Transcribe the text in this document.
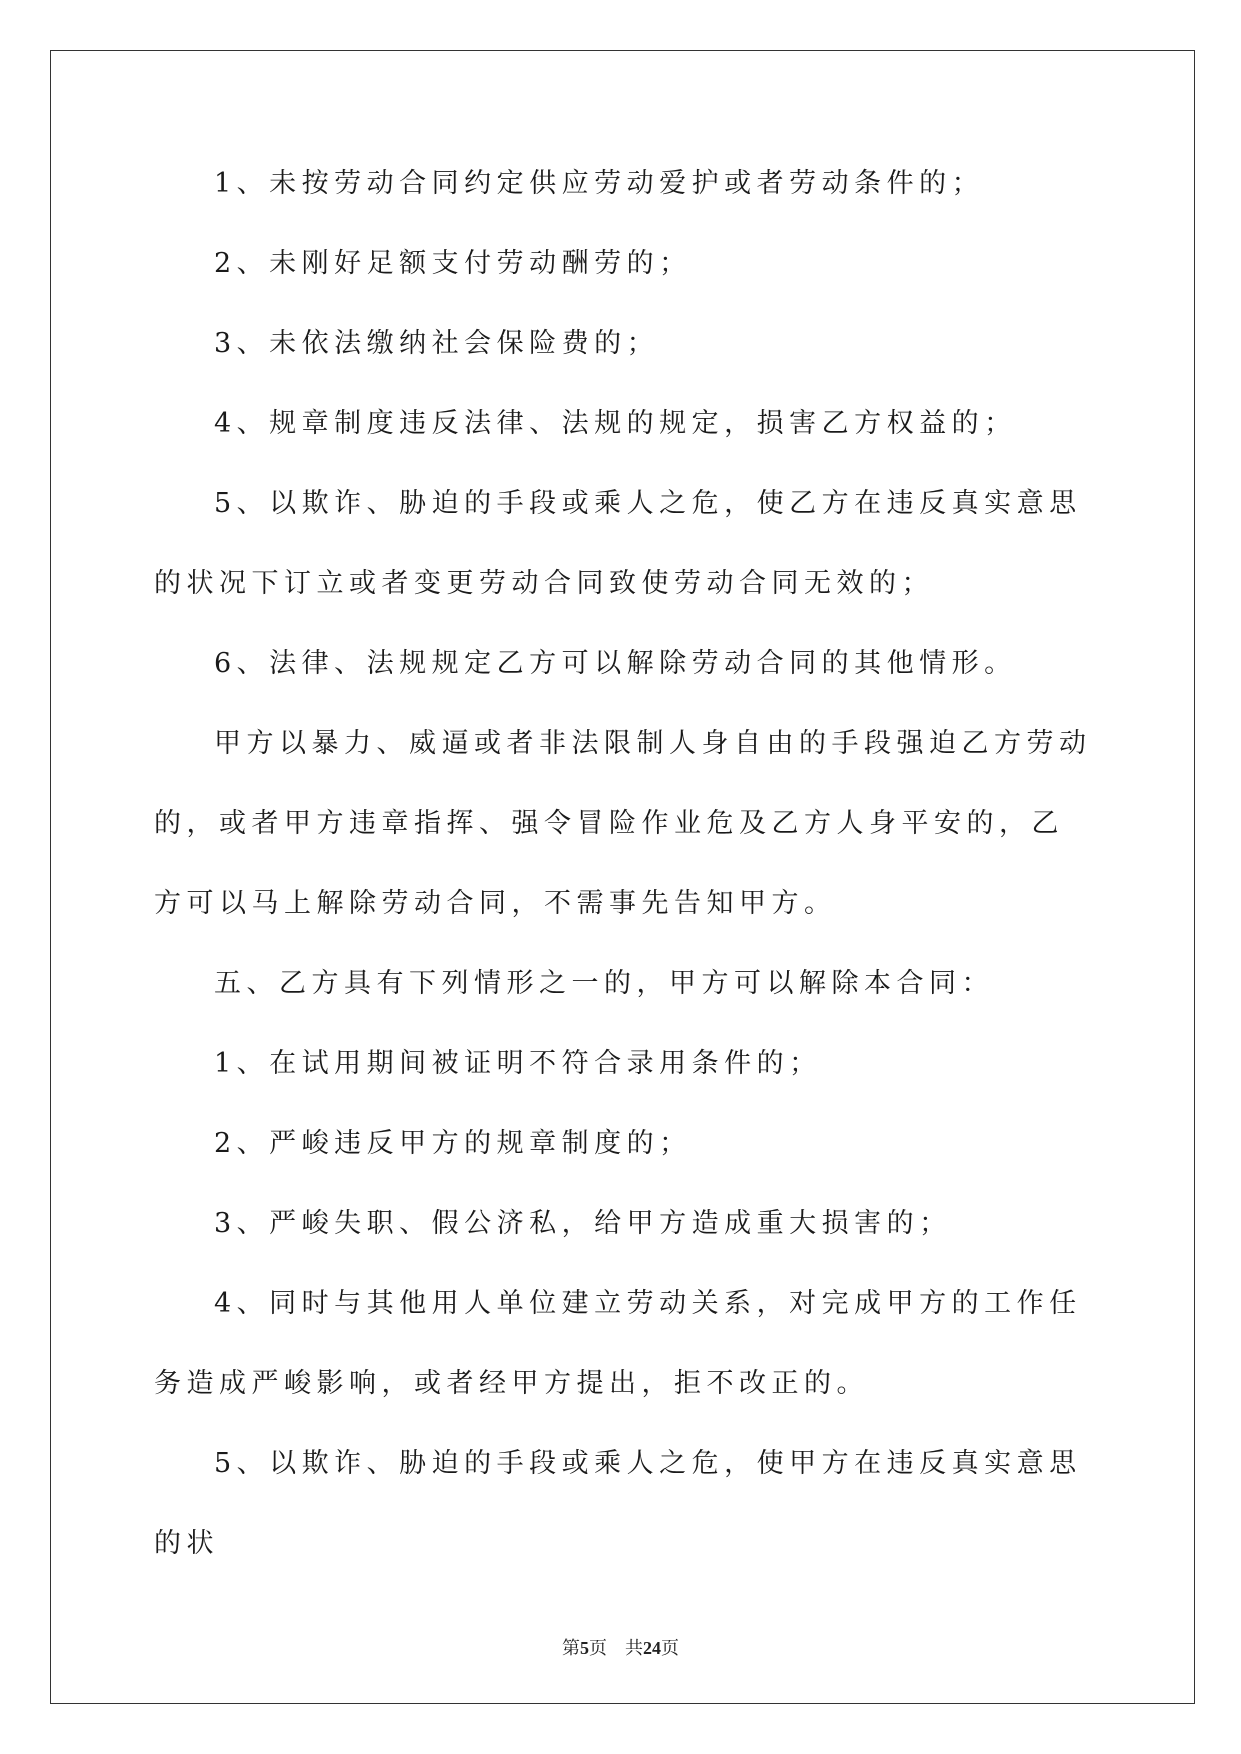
1、未按劳动合同约定供应劳动爱护或者劳动条件的；

2、未刚好足额支付劳动酬劳的；

3、未依法缴纳社会保险费的；

4、规章制度违反法律、法规的规定，损害乙方权益的；

5、以欺诈、胁迫的手段或乘人之危，使乙方在违反真实意思的状况下订立或者变更劳动合同致使劳动合同无效的；

6、法律、法规规定乙方可以解除劳动合同的其他情形。

甲方以暴力、威逼或者非法限制人身自由的手段强迫乙方劳动的，或者甲方违章指挥、强令冒险作业危及乙方人身平安的，乙方可以马上解除劳动合同，不需事先告知甲方。

五、乙方具有下列情形之一的，甲方可以解除本合同：

1、在试用期间被证明不符合录用条件的；

2、严峻违反甲方的规章制度的；

3、严峻失职、假公济私，给甲方造成重大损害的；

4、同时与其他用人单位建立劳动关系，对完成甲方的工作任务造成严峻影响，或者经甲方提出，拒不改正的。

5、以欺诈、胁迫的手段或乘人之危，使甲方在违反真实意思的状

第5页 共24页
